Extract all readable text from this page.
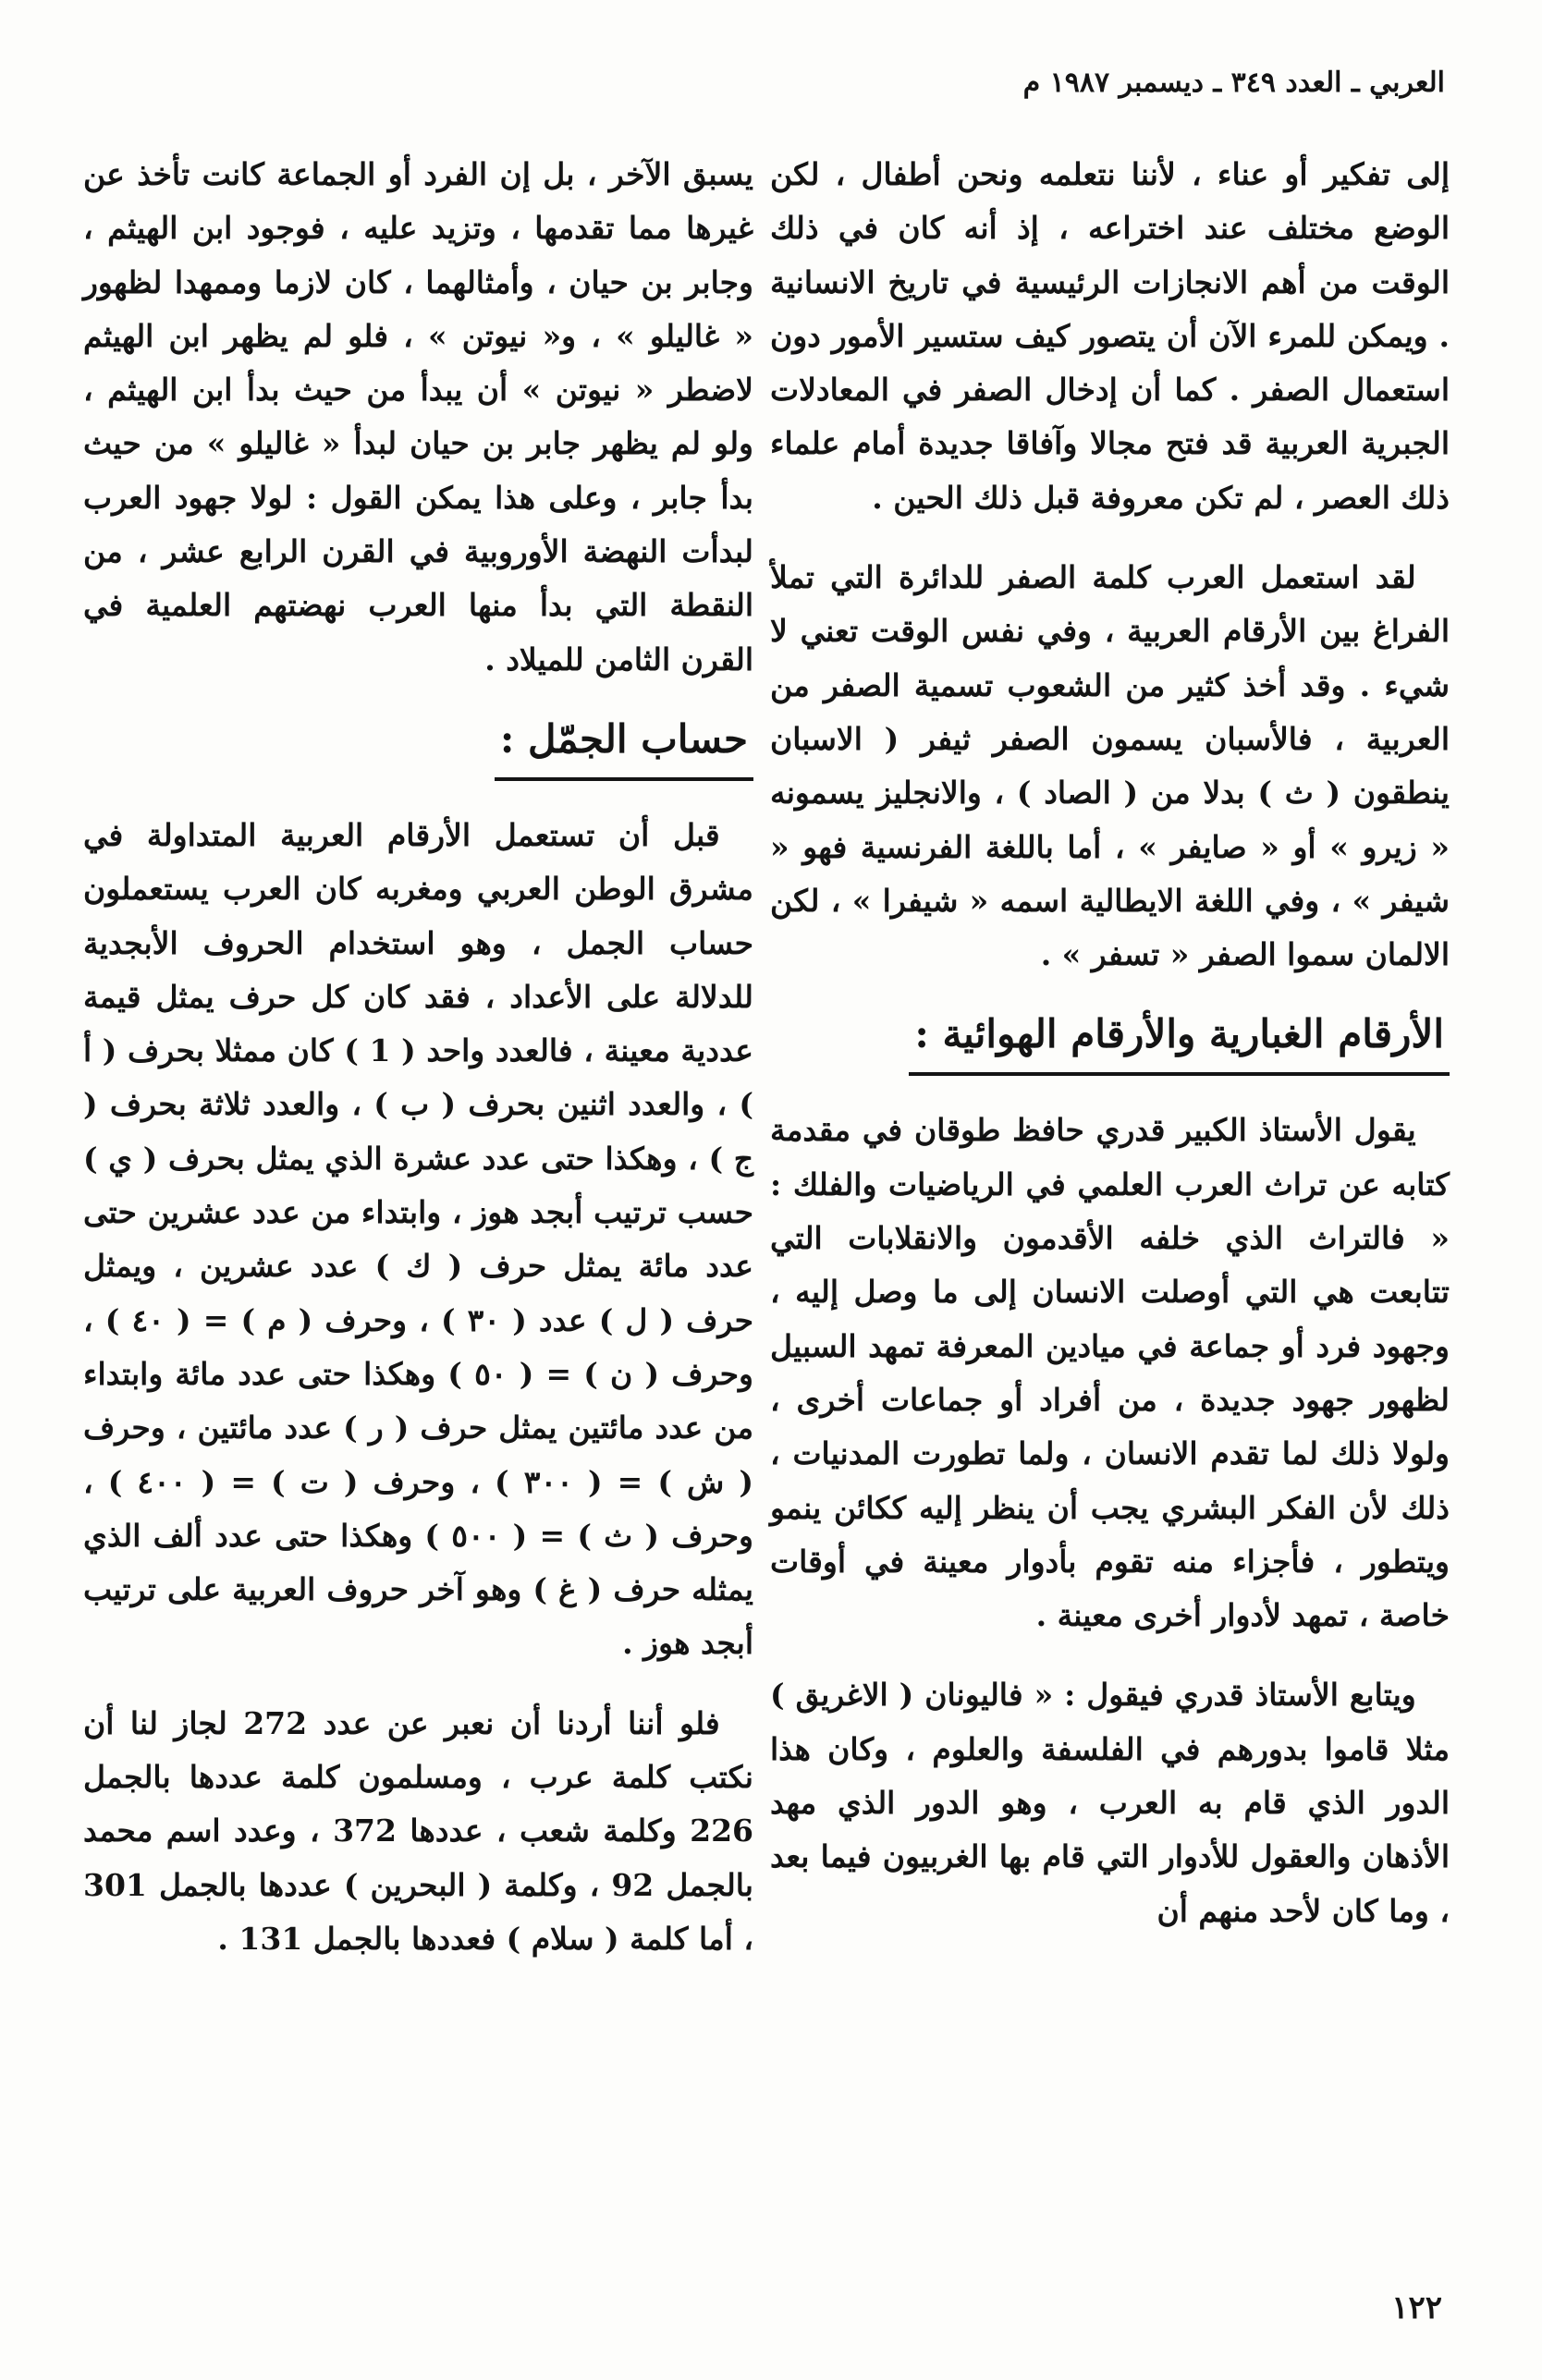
العربي ـ العدد ٣٤٩ ـ ديسمبر ١٩٨٧ م

إلى تفكير أو عناء ، لأننا نتعلمه ونحن أطفال ، لكن الوضع مختلف عند اختراعه ، إذ أنه كان في ذلك الوقت من أهم الانجازات الرئيسية في تاريخ الانسانية . ويمكن للمرء الآن أن يتصور كيف ستسير الأمور دون استعمال الصفر . كما أن إدخال الصفر في المعادلات الجبرية العربية قد فتح مجالا وآفاقا جديدة أمام علماء ذلك العصر ، لم تكن معروفة قبل ذلك الحين .

لقد استعمل العرب كلمة الصفر للدائرة التي تملأ الفراغ بين الأرقام العربية ، وفي نفس الوقت تعني لا شيء . وقد أخذ كثير من الشعوب تسمية الصفر من العربية ، فالأسبان يسمون الصفر ثيفر ( الاسبان ينطقون ( ث ) بدلا من ( الصاد ) ، والانجليز يسمونه « زيرو » أو « صايفر » ، أما باللغة الفرنسية فهو « شيفر » ، وفي اللغة الايطالية اسمه « شيفرا » ، لكن الالمان سموا الصفر « تسفر » .

الأرقام الغبارية والأرقام الهوائية :

يقول الأستاذ الكبير قدري حافظ طوقان في مقدمة كتابه عن تراث العرب العلمي في الرياضيات والفلك : « فالتراث الذي خلفه الأقدمون والانقلابات التي تتابعت هي التي أوصلت الانسان إلى ما وصل إليه ، وجهود فرد أو جماعة في ميادين المعرفة تمهد السبيل لظهور جهود جديدة ، من أفراد أو جماعات أخرى ، ولولا ذلك لما تقدم الانسان ، ولما تطورت المدنيات ، ذلك لأن الفكر البشري يجب أن ينظر إليه ككائن ينمو ويتطور ، فأجزاء منه تقوم بأدوار معينة في أوقات خاصة ، تمهد لأدوار أخرى معينة .

ويتابع الأستاذ قدري فيقول : « فاليونان ( الاغريق ) مثلا قاموا بدورهم في الفلسفة والعلوم ، وكان هذا الدور الذي قام به العرب ، وهو الدور الذي مهد الأذهان والعقول للأدوار التي قام بها الغربيون فيما بعد ، وما كان لأحد منهم أن

يسبق الآخر ، بل إن الفرد أو الجماعة كانت تأخذ عن غيرها مما تقدمها ، وتزيد عليه ، فوجود ابن الهيثم ، وجابر بن حيان ، وأمثالهما ، كان لازما وممهدا لظهور « غاليلو » ، و« نيوتن » ، فلو لم يظهر ابن الهيثم لاضطر « نيوتن » أن يبدأ من حيث بدأ ابن الهيثم ، ولو لم يظهر جابر بن حيان لبدأ « غاليلو » من حيث بدأ جابر ، وعلى هذا يمكن القول : لولا جهود العرب لبدأت النهضة الأوروبية في القرن الرابع عشر ، من النقطة التي بدأ منها العرب نهضتهم العلمية في القرن الثامن للميلاد .

حساب الجمّل :

قبل أن تستعمل الأرقام العربية المتداولة في مشرق الوطن العربي ومغربه كان العرب يستعملون حساب الجمل ، وهو استخدام الحروف الأبجدية للدلالة على الأعداد ، فقد كان كل حرف يمثل قيمة عددية معينة ، فالعدد واحد ( 1 ) كان ممثلا بحرف ( أ ) ، والعدد اثنين بحرف ( ب ) ، والعدد ثلاثة بحرف ( ج ) ، وهكذا حتى عدد عشرة الذي يمثل بحرف ( ي ) حسب ترتيب أبجد هوز ، وابتداء من عدد عشرين حتى عدد مائة يمثل حرف ( ك ) عدد عشرين ، ويمثل حرف ( ل ) عدد ( ٣٠ ) ، وحرف ( م ) = ( ٤٠ ) ، وحرف ( ن ) = ( ٥٠ ) وهكذا حتى عدد مائة وابتداء من عدد مائتين يمثل حرف ( ر ) عدد مائتين ، وحرف ( ش ) = ( ٣٠٠ ) ، وحرف ( ت ) = ( ٤٠٠ ) ، وحرف ( ث ) = ( ٥٠٠ ) وهكذا حتى عدد ألف الذي يمثله حرف ( غ ) وهو آخر حروف العربية على ترتيب أبجد هوز .

فلو أننا أردنا أن نعبر عن عدد 272 لجاز لنا أن نكتب كلمة عرب ، ومسلمون كلمة عددها بالجمل 226 وكلمة شعب ، عددها 372 ، وعدد اسم محمد بالجمل 92 ، وكلمة ( البحرين ) عددها بالجمل 301 ، أما كلمة ( سلام ) فعددها بالجمل 131 .

١٢٢
